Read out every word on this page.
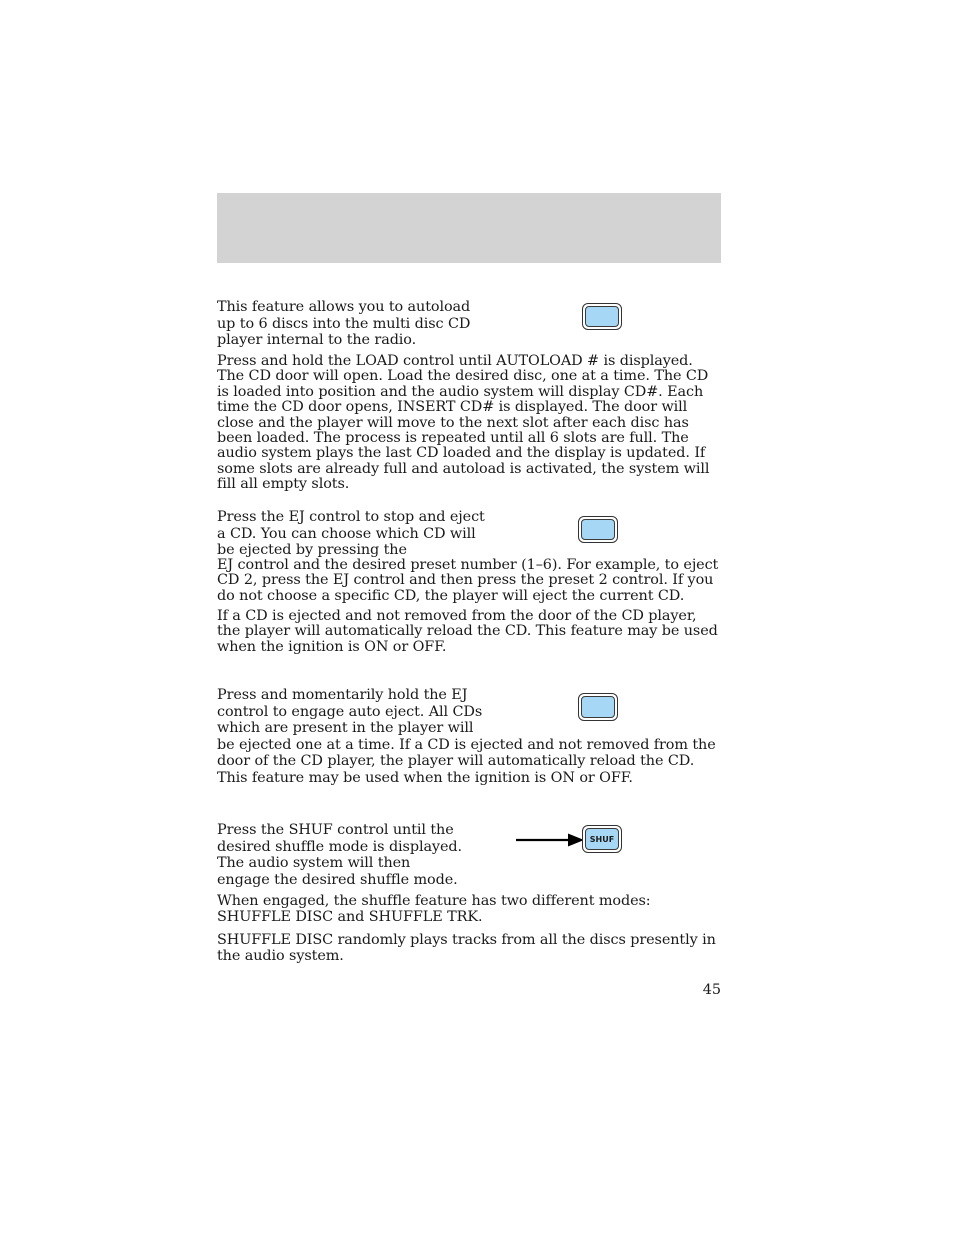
This feature allows you to autoload up to 6 discs into the multi disc CD player internal to the radio.

Press and hold the LOAD control until AUTOLOAD # is displayed. The CD door will open. Load the desired disc, one at a time. The CD is loaded into position and the audio system will display CD#. Each time the CD door opens, INSERT CD# is displayed. The door will close and the player will move to the next slot after each disc has been loaded. The process is repeated until all 6 slots are full. The audio system plays the last CD loaded and the display is updated. If some slots are already full and autoload is activated, the system will fill all empty slots.

Press the EJ control to stop and eject a CD. You can choose which CD will be ejected by pressing the

EJ control and the desired preset number (1–6). For example, to eject CD 2, press the EJ control and then press the preset 2 control. If you do not choose a specific CD, the player will eject the current CD.

If a CD is ejected and not removed from the door of the CD player, the player will automatically reload the CD. This feature may be used when the ignition is ON or OFF.

Press and momentarily hold the EJ control to engage auto eject. All CDs which are present in the player will

be ejected one at a time. If a CD is ejected and not removed from the door of the CD player, the player will automatically reload the CD. This feature may be used when the ignition is ON or OFF.

Press the SHUF control until the desired shuffle mode is displayed. The audio system will then engage the desired shuffle mode.

SHUF

When engaged, the shuffle feature has two different modes: SHUFFLE DISC and SHUFFLE TRK.

SHUFFLE DISC randomly plays tracks from all the discs presently in the audio system.

45
